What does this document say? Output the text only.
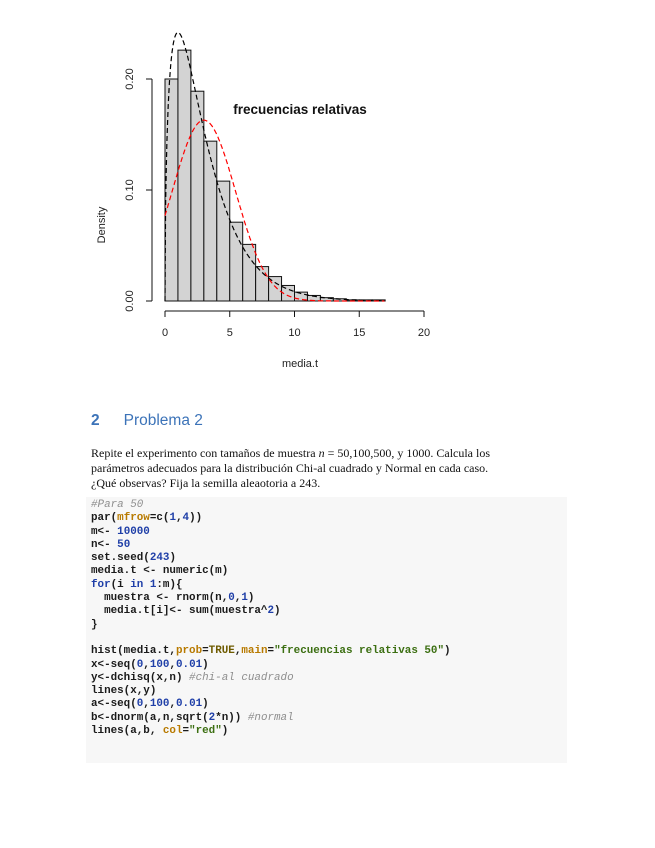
frecuencias relativas
0	5	10	15	20
0.00
0.10
0.20
media.t
Density
2 Problema 2

Repite el experimento con tamaños de muestra n = 50,100,500, y 1000. Calcula los

parámetros adecuados para la distribución Chi-al cuadrado y Normal en cada caso.

¿Qué observas? Fija la semilla aleaotoria a 243.

#Para 50
par(mfrow=c(1,4))
m<- 10000
n<- 50
set.seed(243)
media.t <- numeric(m)
for(i in 1:m){
muestra <- rnorm(n,0,1)
media.t[i]<- sum(muestra^2)
}

hist(media.t,prob=TRUE,main="frecuencias relativas 50")
x<-seq(0,100,0.01)
y<-dchisq(x,n) #chi-al cuadrado
lines(x,y)
a<-seq(0,100,0.01)
b<-dnorm(a,n,sqrt(2*n)) #normal
lines(a,b, col="red")
